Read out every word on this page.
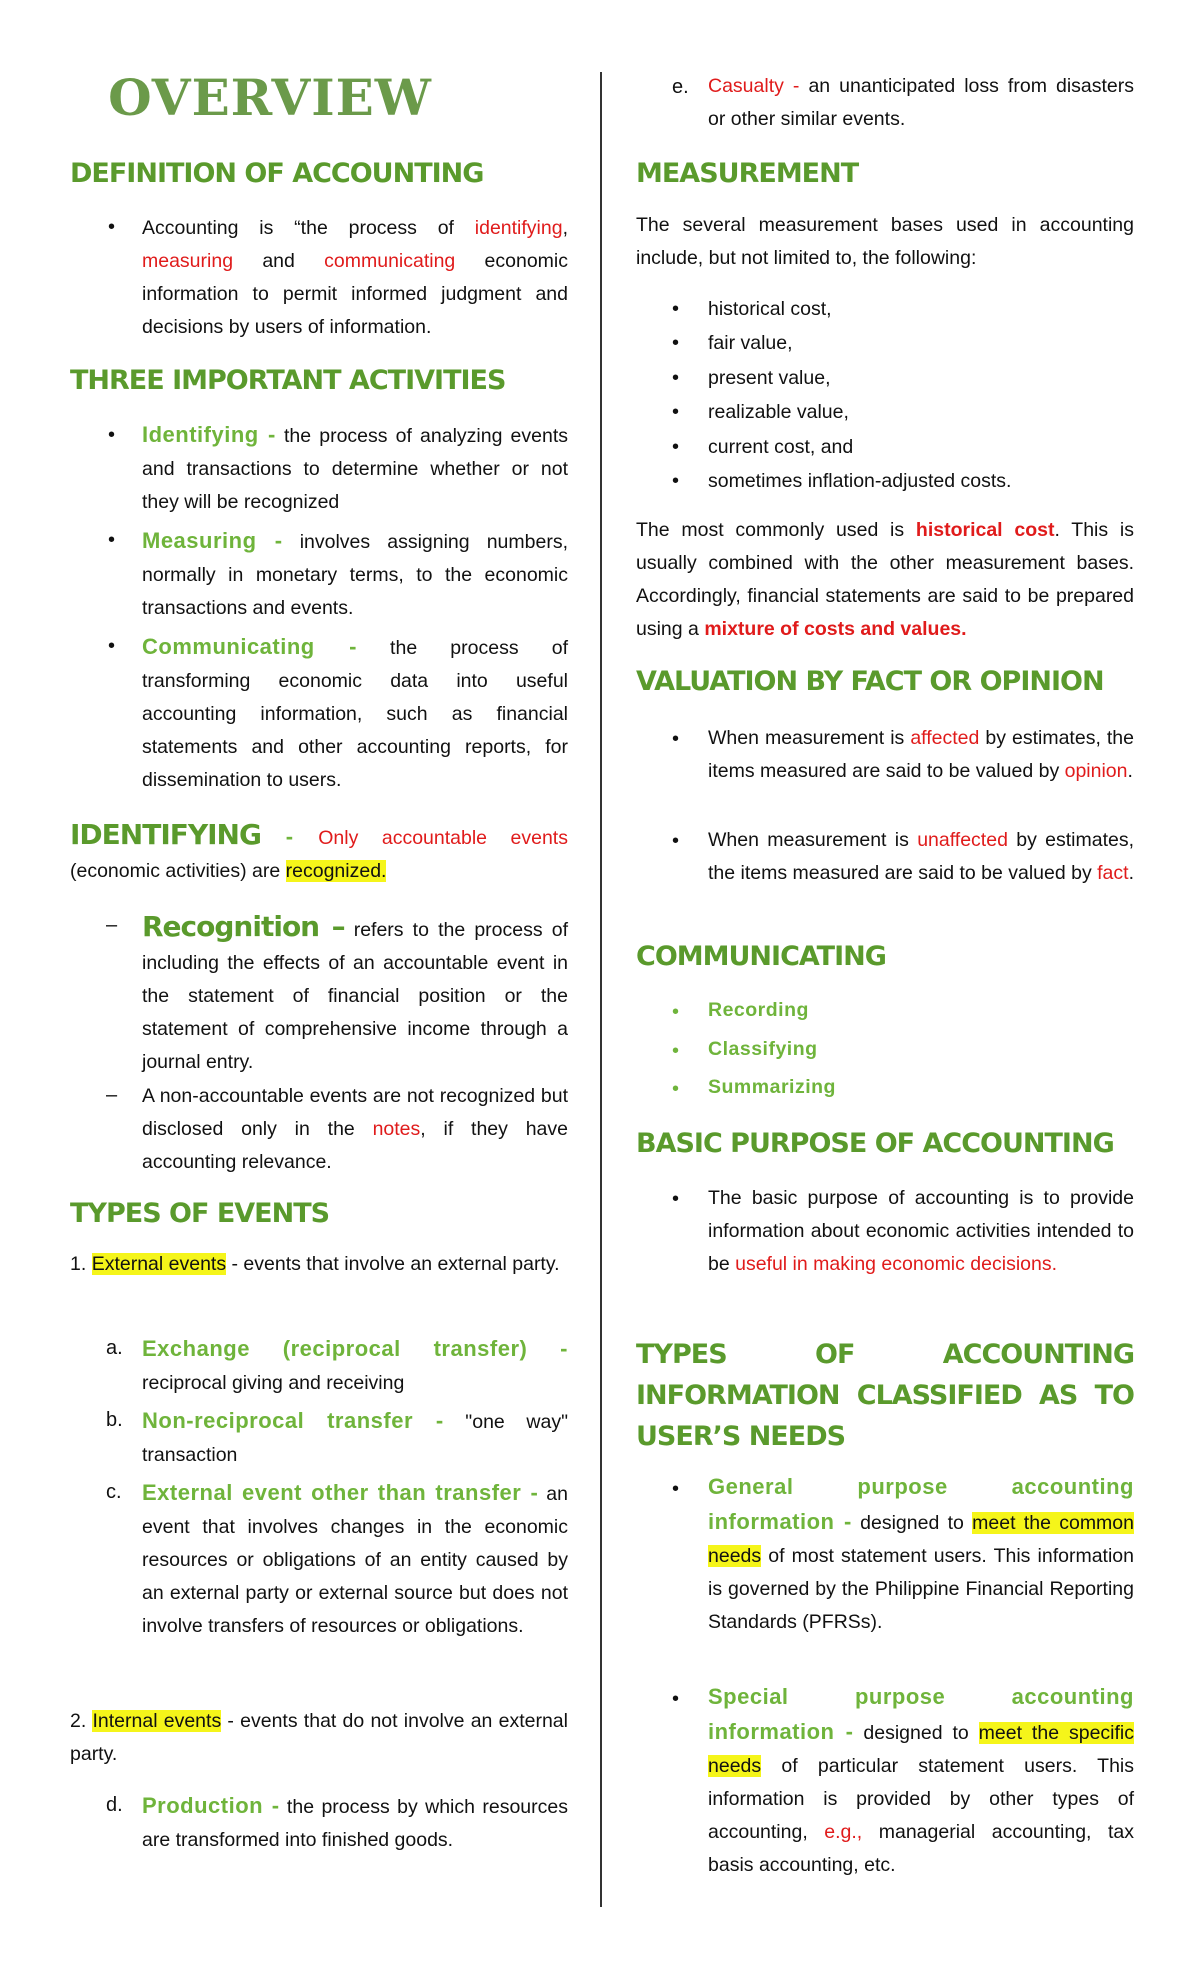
OVERVIEW
DEFINITION OF ACCOUNTING
• Accounting is “the process of identifying, measuring and communicating economic information to permit informed judgment and decisions by users of information.
THREE IMPORTANT ACTIVITIES
• Identifying - the process of analyzing events and transactions to determine whether or not they will be recognized
• Measuring - involves assigning numbers, normally in monetary terms, to the economic transactions and events.
• Communicating - the process of transforming economic data into useful accounting information, such as financial statements and other accounting reports, for dissemination to users.
IDENTIFYING - Only accountable events (economic activities) are recognized.
– Recognition – refers to the process of including the effects of an accountable event in the statement of financial position or the statement of comprehensive income through a journal entry.
– A non-accountable events are not recognized but disclosed only in the notes, if they have accounting relevance.
TYPES OF EVENTS
1. External events - events that involve an external party.
a. Exchange (reciprocal transfer) - reciprocal giving and receiving
b. Non-reciprocal transfer - "one way" transaction
c. External event other than transfer - an event that involves changes in the economic resources or obligations of an entity caused by an external party or external source but does not involve transfers of resources or obligations.
2. Internal events - events that do not involve an external party.
d. Production - the process by which resources are transformed into finished goods.
e. Casualty - an unanticipated loss from disasters or other similar events.
MEASUREMENT
The several measurement bases used in accounting include, but not limited to, the following:
• historical cost,
• fair value,
• present value,
• realizable value,
• current cost, and
• sometimes inflation-adjusted costs.
The most commonly used is historical cost. This is usually combined with the other measurement bases. Accordingly, financial statements are said to be prepared using a mixture of costs and values.
VALUATION BY FACT OR OPINION
• When measurement is affected by estimates, the items measured are said to be valued by opinion.
• When measurement is unaffected by estimates, the items measured are said to be valued by fact.
COMMUNICATING
• Recording
• Classifying
• Summarizing
BASIC PURPOSE OF ACCOUNTING
• The basic purpose of accounting is to provide information about economic activities intended to be useful in making economic decisions.
TYPES OF ACCOUNTING INFORMATION CLASSIFIED AS TO USER’S NEEDS
• General purpose accounting information - designed to meet the common needs of most statement users. This information is governed by the Philippine Financial Reporting Standards (PFRSs).
• Special purpose accounting information - designed to meet the specific needs of particular statement users. This information is provided by other types of accounting, e.g., managerial accounting, tax basis accounting, etc.
